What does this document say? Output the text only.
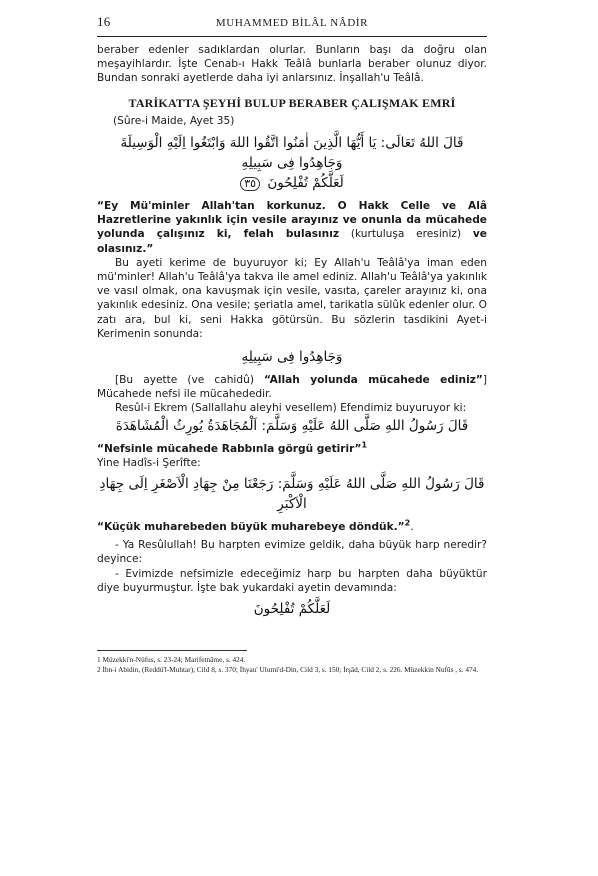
16	MUHAMMED BİLÂL NÂDİR

beraber edenler sadıklardan olurlar. Bunların başı da doğru olan meşayihlardır. İşte Cenab-ı Hakk Teâlâ bunlarla beraber olunuz diyor. Bundan sonraki ayetlerde daha iyi anlarsınız. İnşallah'u Teâlâ.

TARİKATTA ŞEYHİ BULUP BERABER ÇALIŞMAK EMRİ
(Sûre-i Maide, Ayet 35)
قَالَ اللهُ تَعَالَى: يَا أَيُّهَا الَّذِينَ اٰمَنُوا اتَّقُوا اللهَ وَابْتَغُوا اِلَيْهِ الْوَسِيلَةَ وَجَاهِدُوا فِى سَبِيلِهِ
لَعَلَّكُمْ تُفْلِحُونَ ٣٥

“Ey Mü'minler Allah'tan korkunuz. O Hakk Celle ve Alâ Hazretlerine yakınlık için vesile arayınız ve onunla da mücahede yolunda çalışınız ki, felah bulasınız (kurtuluşa eresiniz) ve olasınız.”

Bu ayeti kerime de buyuruyor ki; Ey Allah'u Teâlâ'ya iman eden mü'minler! Allah'u Teâlâ'ya takva ile amel ediniz. Allah'u Teâlâ'ya yakınlık ve vasıl olmak, ona kavuşmak için vesile, vasıta, çareler arayınız ki, ona yakınlık edesiniz. Ona vesile; şeriatla amel, tarikatla sülûk edenler olur. O zatı ara, bul ki, seni Hakka götürsün. Bu sözlerin tasdikini Ayet-i Kerimenin sonunda:

وَجَاهِدُوا فِى سَبِيلِهِ

[Bu ayette (ve cahidû) “Allah yolunda mücahede ediniz”] Mücahede nefsi ile mücahededir.

Resûl-i Ekrem (Sallallahu aleyhi vesellem) Efendimiz buyuruyor ki:

قَالَ رَسُولُ اللهِ صَلَّى اللهُ عَلَيْهِ وَسَلَّمَ: اَلْمُجَاهَدَةُ يُورِثُ الْمُشَاهَدَةَ

“Nefsinle mücahede Rabbınla görgü getirir”$^1$

Yine Hadîs-i Şerîfte:

قَالَ رَسُولُ اللهِ صَلَّى اللهُ عَلَيْهِ وَسَلَّمَ: رَجَعْنَا مِنْ جِهَادِ الْاَصْغَرِ اِلَى جِهَادِ الْاَكْبَرِ

“Küçük muharebeden büyük muharebeye döndük.”$^2$.

- Ya Resûlullah! Bu harpten evimize geldik, daha büyük harp neredir? deyince:

- Evimizde nefsimizle edeceğimiz harp bu harpten daha büyüktür diye buyurmuştur. İşte bak yukardaki ayetin devamında:

لَعَلَّكُمْ تُفْلِحُونَ

1 Müzekki'n-Nüfus, s. 23-24; Marifetnâme, s. 424.

2 İbn-i Abidin, (Reddü'l-Muhtar), Cild 8, s. 370; İhyau' Ulumi'd-Din, Cild 3, s. 150; İrşâd, Cild 2, s. 226. Müzekkin Nufûs , s. 474.
